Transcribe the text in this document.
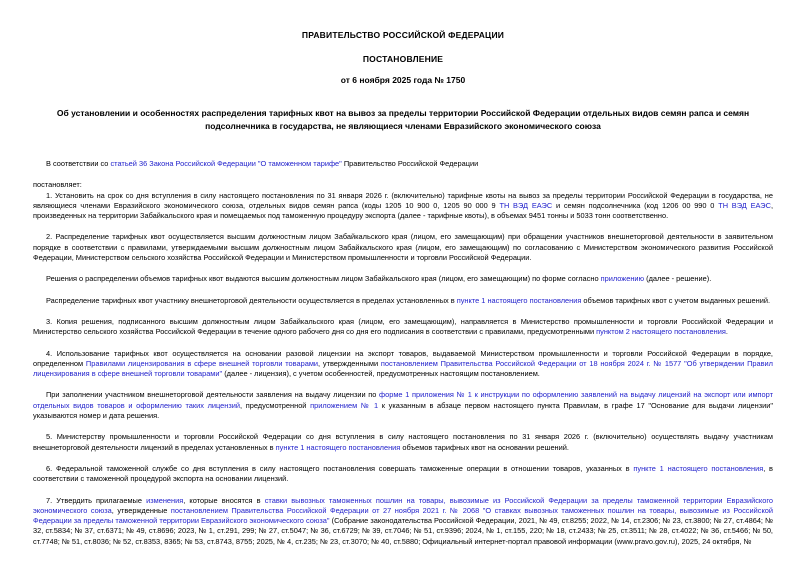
ПРАВИТЕЛЬСТВО РОССИЙСКОЙ ФЕДЕРАЦИИ
ПОСТАНОВЛЕНИЕ
от 6 ноября 2025 года № 1750
Об установлении и особенностях распределения тарифных квот на вывоз за пределы территории Российской Федерации отдельных видов семян рапса и семян подсолнечника в государства, не являющиеся членами Евразийского экономического союза

В соответствии со статьей 36 Закона Российской Федерации "О таможенном тарифе" Правительство Российской Федерации

постановляет:

1. Установить на срок со дня вступления в силу настоящего постановления по 31 января 2026 г. (включительно) тарифные квоты на вывоз за пределы территории Российской Федерации в государства, не являющиеся членами Евразийского экономического союза, отдельных видов семян рапса (коды 1205 10 900 0, 1205 90 000 9 ТН ВЭД ЕАЭС и семян подсолнечника (код 1206 00 990 0 ТН ВЭД ЕАЭС, произведенных на территории Забайкальского края и помещаемых под таможенную процедуру экспорта (далее - тарифные квоты), в объемах 9451 тонны и 5033 тонн соответственно.

2. Распределение тарифных квот осуществляется высшим должностным лицом Забайкальского края (лицом, его замещающим) при обращении участников внешнеторговой деятельности в заявительном порядке в соответствии с правилами, утверждаемыми высшим должностным лицом Забайкальского края (лицом, его замещающим) по согласованию с Министерством экономического развития Российской Федерации, Министерством сельского хозяйства Российской Федерации и Министерством промышленности и торговли Российской Федерации.

Решения о распределении объемов тарифных квот выдаются высшим должностным лицом Забайкальского края (лицом, его замещающим) по форме согласно приложению (далее - решение).

Распределение тарифных квот участнику внешнеторговой деятельности осуществляется в пределах установленных в пункте 1 настоящего постановления объемов тарифных квот с учетом выданных решений.

3. Копия решения, подписанного высшим должностным лицом Забайкальского края (лицом, его замещающим), направляется в Министерство промышленности и торговли Российской Федерации и Министерство сельского хозяйства Российской Федерации в течение одного рабочего дня со дня его подписания в соответствии с правилами, предусмотренными пунктом 2 настоящего постановления.

4. Использование тарифных квот осуществляется на основании разовой лицензии на экспорт товаров, выдаваемой Министерством промышленности и торговли Российской Федерации в порядке, определенном Правилами лицензирования в сфере внешней торговли товарами, утвержденными постановлением Правительства Российской Федерации от 18 ноября 2024 г. № 1577 "Об утверждении Правил лицензирования в сфере внешней торговли товарами" (далее - лицензия), с учетом особенностей, предусмотренных настоящим постановлением.

При заполнении участником внешнеторговой деятельности заявления на выдачу лицензии по форме 1 приложения № 1 к инструкции по оформлению заявлений на выдачу лицензий на экспорт или импорт отдельных видов товаров и оформлению таких лицензий, предусмотренной приложением № 1 к указанным в абзаце первом настоящего пункта Правилам, в графе 17 "Основание для выдачи лицензии" указываются номер и дата решения.

5. Министерству промышленности и торговли Российской Федерации со дня вступления в силу настоящего постановления по 31 января 2026 г. (включительно) осуществлять выдачу участникам внешнеторговой деятельности лицензий в пределах установленных в пункте 1 настоящего постановления объемов тарифных квот на основании решений.

6. Федеральной таможенной службе со дня вступления в силу настоящего постановления совершать таможенные операции в отношении товаров, указанных в пункте 1 настоящего постановления, в соответствии с таможенной процедурой экспорта на основании лицензий.

7. Утвердить прилагаемые изменения, которые вносятся в ставки вывозных таможенных пошлин на товары, вывозимые из Российской Федерации за пределы таможенной территории Евразийского экономического союза, утвержденные постановлением Правительства Российской Федерации от 27 ноября 2021 г. № 2068 "О ставках вывозных таможенных пошлин на товары, вывозимые из Российской Федерации за пределы таможенной территории Евразийского экономического союза" (Собрание законодательства Российской Федерации, 2021, № 49, ст.8255; 2022, № 14, ст.2306; № 23, ст.3800; № 27, ст.4864; № 32, ст.5834; № 37, ст.6371; № 49, ст.8696; 2023, № 1, ст.291, 299; № 27, ст.5047; № 36, ст.6729; № 39, ст.7046; № 51, ст.9396; 2024, № 1, ст.155, 220; № 18, ст.2433; № 25, ст.3511; № 28, ст.4022; № 36, ст.5466; № 50, ст.7748; № 51, ст.8036; № 52, ст.8353, 8365; № 53, ст.8743, 8755; 2025, № 4, ст.235; № 23, ст.3070; № 40, ст.5880; Официальный интернет-портал правовой информации (www.pravo.gov.ru), 2025, 24 октября, №
